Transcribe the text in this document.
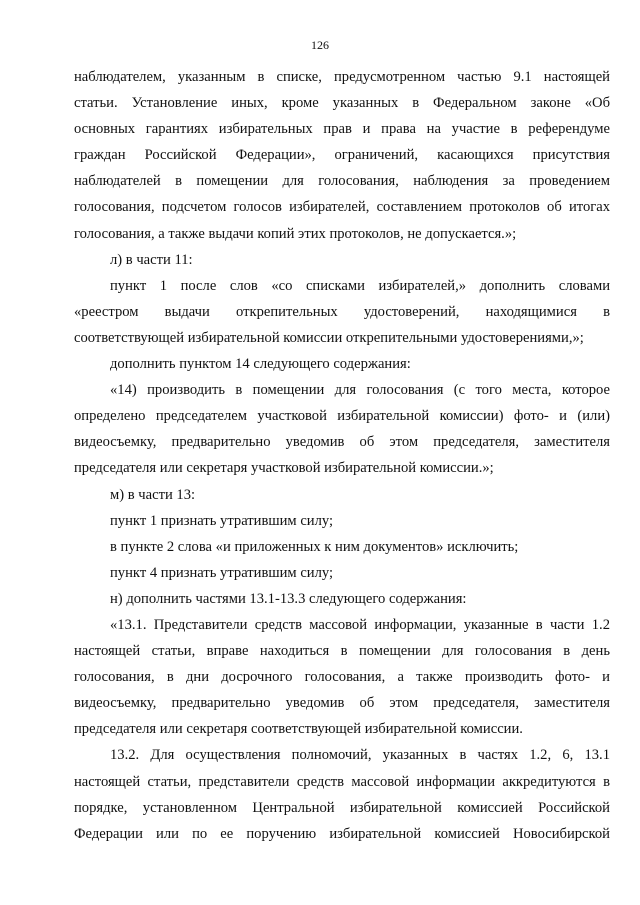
126
наблюдателем, указанным в списке, предусмотренном частью 9.1 настоящей
статьи. Установление иных, кроме указанных в Федеральном законе «Об
основных гарантиях избирательных прав и права на участие в референдуме
граждан Российской Федерации», ограничений, касающихся присутствия
наблюдателей в помещении для голосования, наблюдения за проведением
голосования, подсчетом голосов избирателей, составлением протоколов об итогах
голосования, а также выдачи копий этих протоколов, не допускается.»;
л) в части 11:
пункт 1 после слов «со списками избирателей,» дополнить словами
«реестром выдачи открепительных удостоверений, находящимися в
соответствующей избирательной комиссии открепительными удостоверениями,»;
дополнить пунктом 14 следующего содержания:
«14) производить в помещении для голосования (с того места, которое
определено председателем участковой избирательной комиссии) фото- и (или)
видеосъемку, предварительно уведомив об этом председателя, заместителя
председателя или секретаря участковой избирательной комиссии.»;
м) в части 13:
пункт 1 признать утратившим силу;
в пункте 2 слова «и приложенных к ним документов» исключить;
пункт 4 признать утратившим силу;
н) дополнить частями 13.1-13.3 следующего содержания:
«13.1. Представители средств массовой информации, указанные в части 1.2
настоящей статьи, вправе находиться в помещении для голосования в день
голосования, в дни досрочного голосования, а также производить фото- и
видеосъемку, предварительно уведомив об этом председателя, заместителя
председателя или секретаря соответствующей избирательной комиссии.
13.2. Для осуществления полномочий, указанных в частях 1.2, 6, 13.1
настоящей статьи, представители средств массовой информации аккредитуются в
порядке, установленном Центральной избирательной комиссией Российской
Федерации или по ее поручению избирательной комиссией Новосибирской
